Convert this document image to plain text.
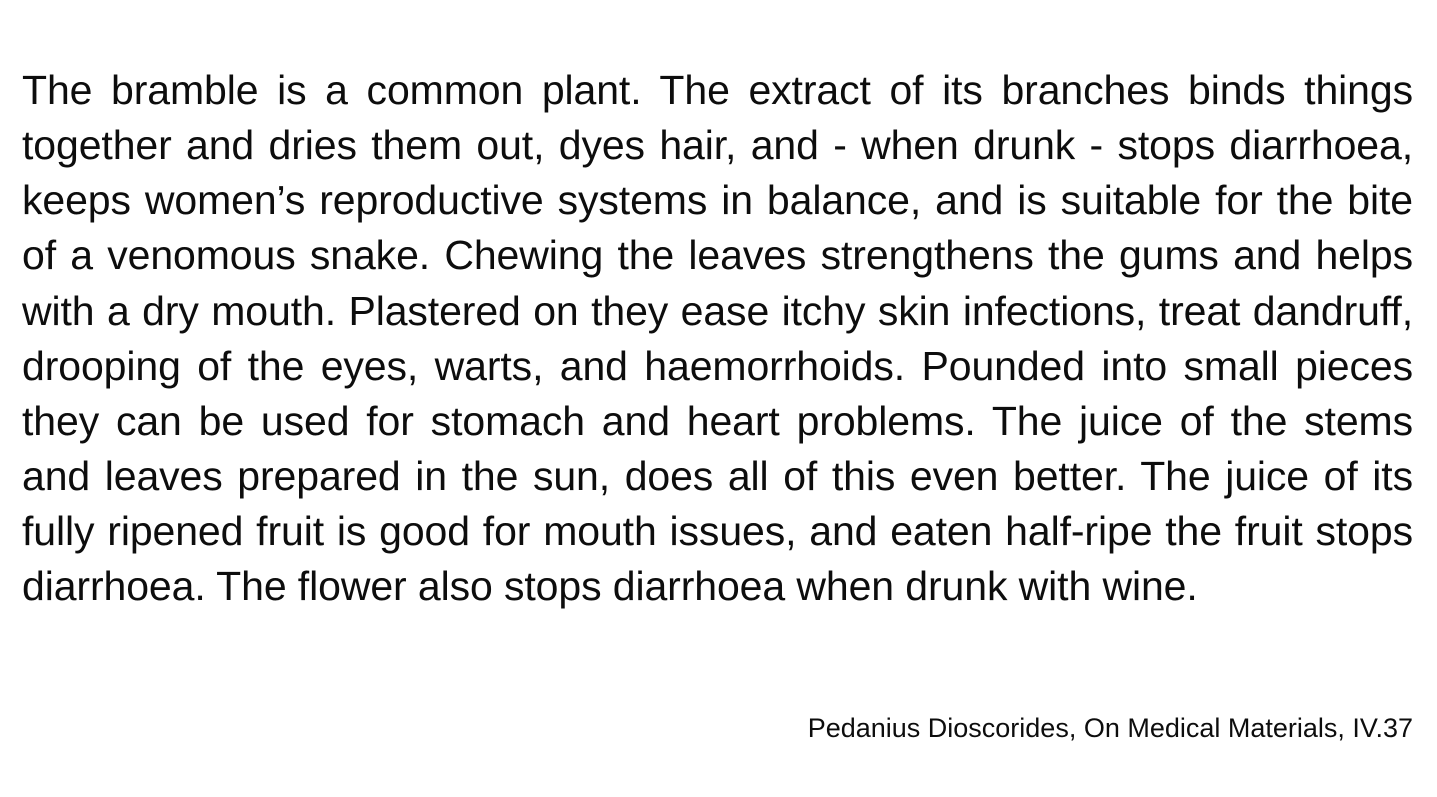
The bramble is a common plant. The extract of its branches binds things together and dries them out, dyes hair, and - when drunk - stops diarrhoea, keeps women’s reproductive systems in balance, and is suitable for the bite of a venomous snake. Chewing the leaves strengthens the gums and helps with a dry mouth. Plastered on they ease itchy skin infections, treat dandruff, drooping of the eyes, warts, and haemorrhoids. Pounded into small pieces they can be used for stomach and heart problems. The juice of the stems and leaves prepared in the sun, does all of this even better. The juice of its fully ripened fruit is good for mouth issues, and eaten half-ripe the fruit stops diarrhoea. The flower also stops diarrhoea when drunk with wine.

Pedanius Dioscorides, On Medical Materials, IV.37
